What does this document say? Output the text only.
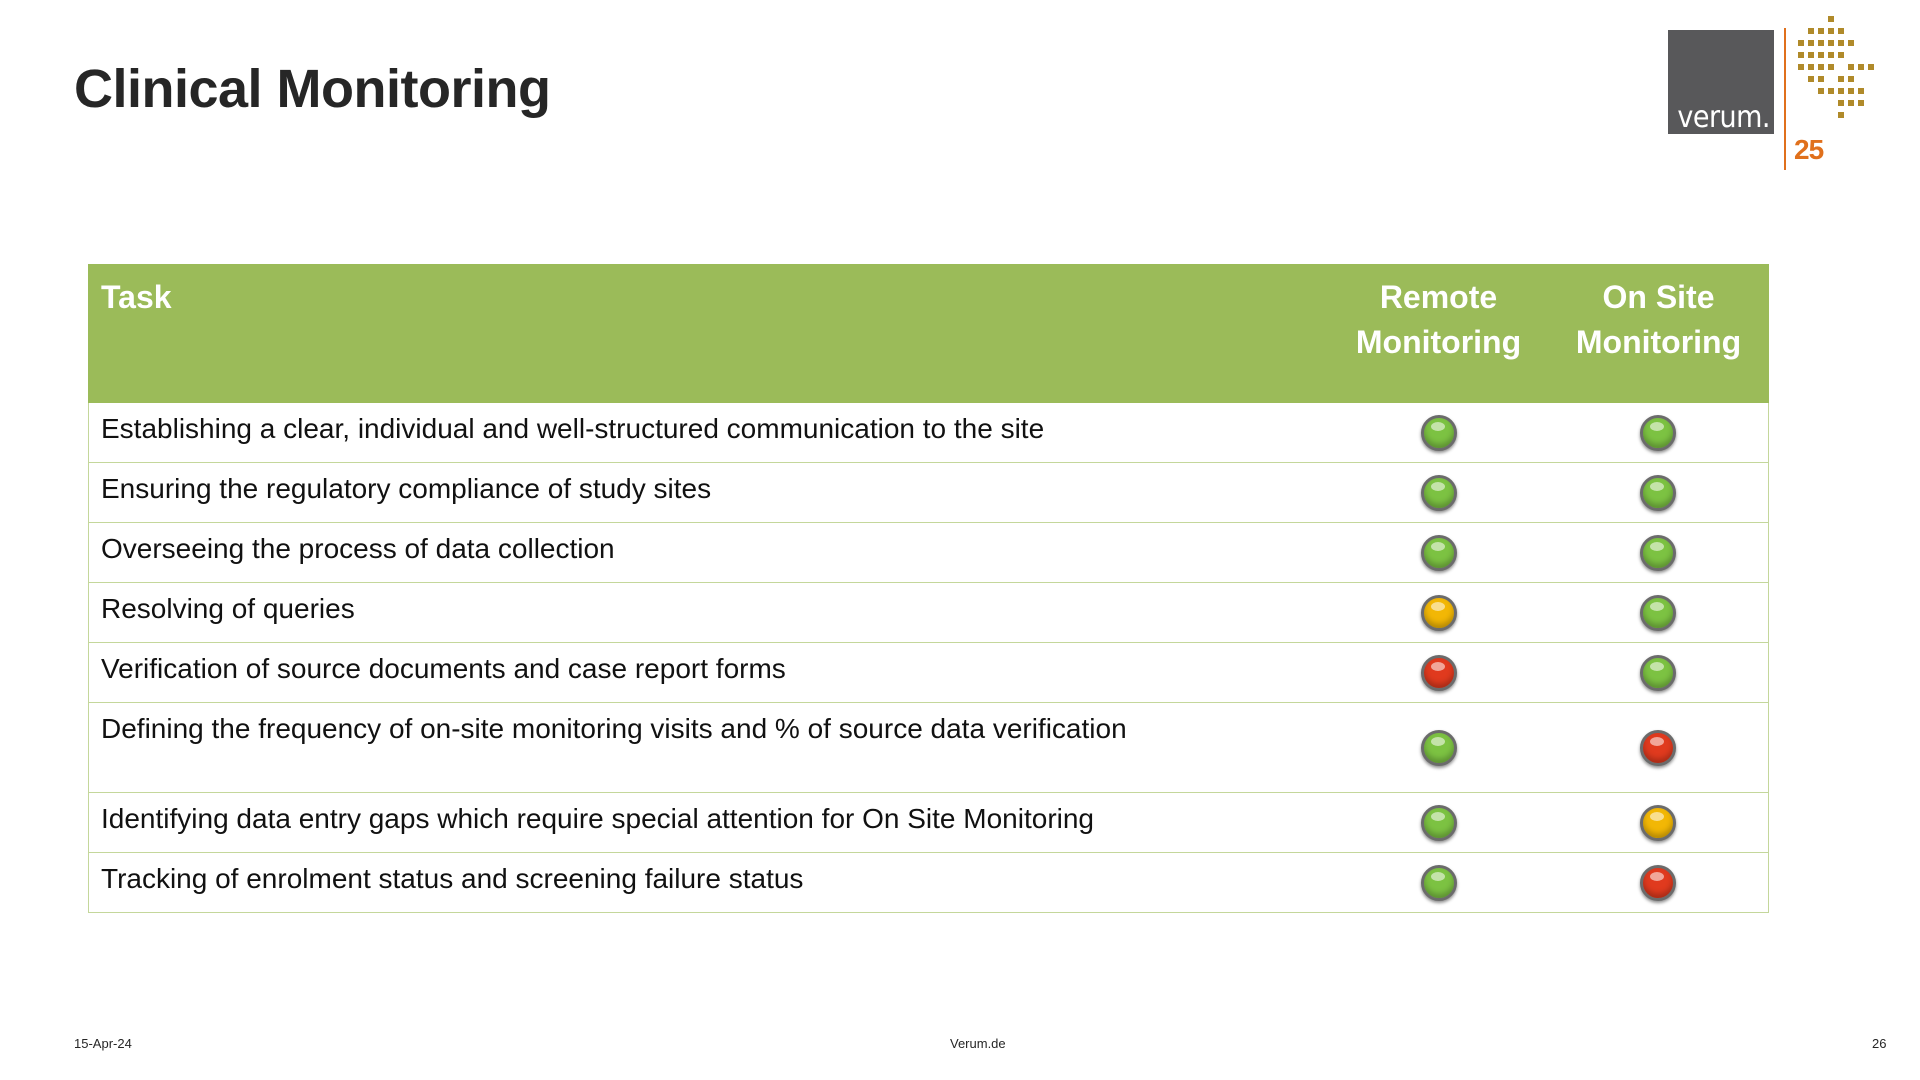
Clinical Monitoring	verum.
25
Task	Remote Monitoring	On Site Monitoring
Establishing a clear, individual and well-structured communication to the site		
Ensuring the regulatory compliance of study sites		
Overseeing the process of data collection		
Resolving of queries		
Verification of source documents and case report forms		
Defining the frequency of on-site monitoring visits and % of source data verification		
Identifying data entry gaps which require special attention for On Site Monitoring		
Tracking of enrolment status and screening failure status		
15-Apr-24	Verum.de	26
